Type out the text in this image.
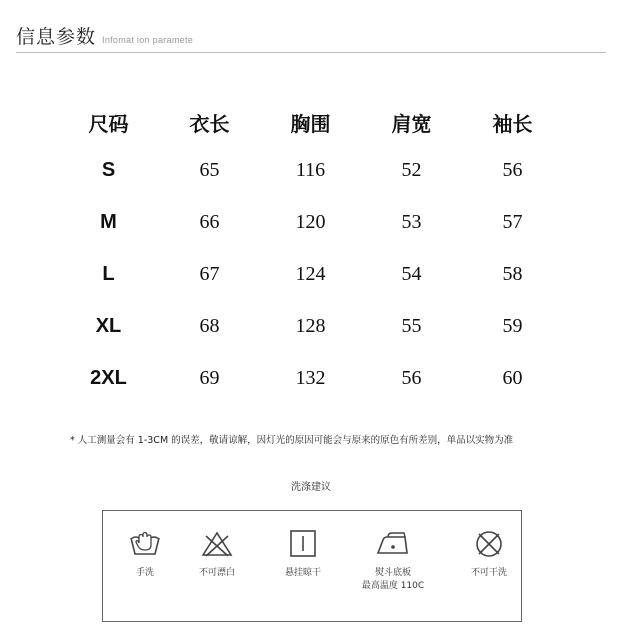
信息参数 Infomat ion paramete
尺码	衣长	胸围	肩宽	袖长
S	65	116	52	56
M	66	120	53	57
L	67	124	54	58
XL	68	128	55	59
2XL	69	132	56	60
* 人工测量会有 1-3CM 的误差，敬请谅解，因灯光的原因可能会与原来的原色有所差别，单品以实物为准
洗涤建议
手洗	不可漂白	悬挂晾干	熨斗底板
最高温度 110C
不可干洗
